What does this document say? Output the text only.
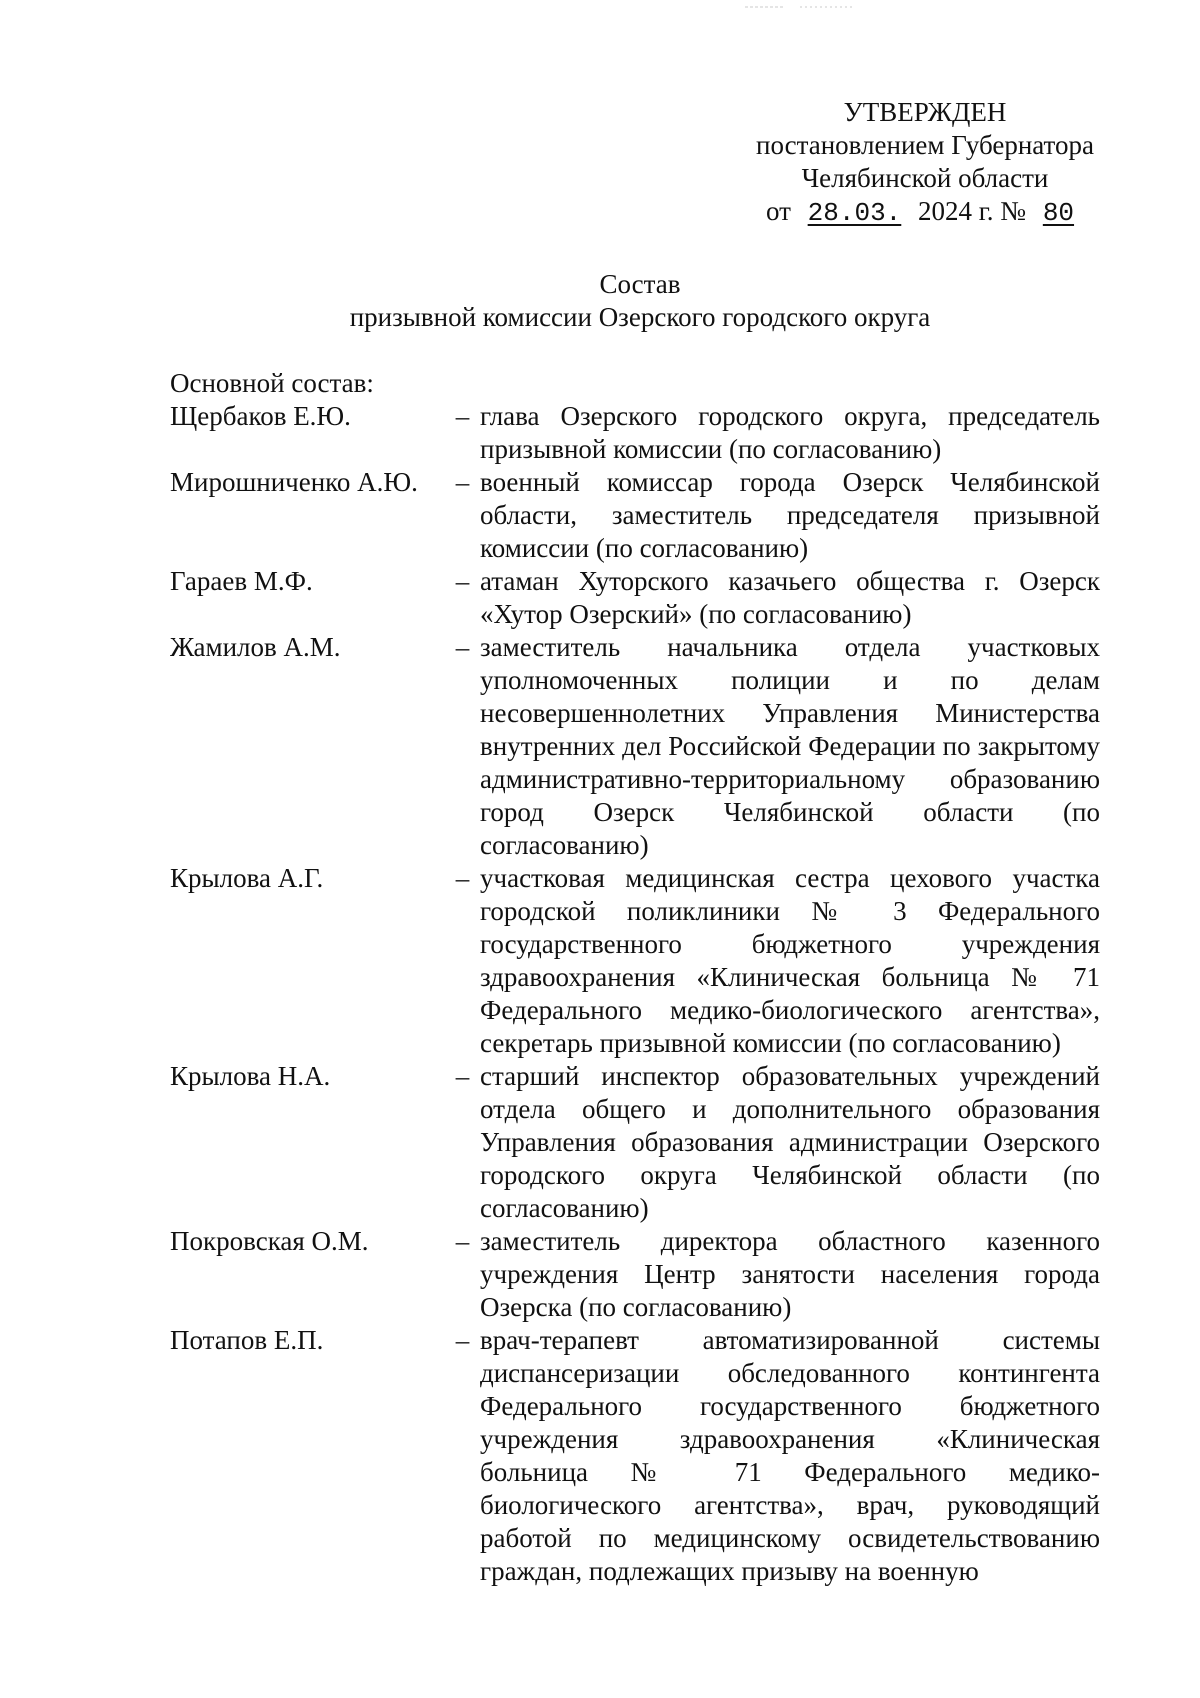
УТВЕРЖДЕН
постановлением Губернатора
Челябинской области
от 28.03. 2024 г. № 80
Состав
призывной комиссии Озерского городского округа
Основной состав:
Щербаков Е.Ю.	– глава Озерского городского округа, председатель призывной комиссии (по согласованию)
Мирошниченко А.Ю.	– военный комиссар города Озерск Челябинской области, заместитель председателя призывной комиссии (по согласованию)
Гараев М.Ф.	– атаман Хуторского казачьего общества г. Озерск «Хутор Озерский» (по согласованию)
Жамилов А.М.	– заместитель начальника отдела участковых уполномоченных полиции и по делам несовершеннолетних Управления Министерства внутренних дел Российской Федерации по закрытому административно-территориальному образованию город Озерск Челябинской области (по согласованию)
Крылова А.Г.	– участковая медицинская сестра цехового участка городской поликлиники № 3 Федерального государственного бюджетного учреждения здравоохранения «Клиническая больница № 71 Федерального медико-биологического агентства», секретарь призывной комиссии (по согласованию)
Крылова Н.А.	– старший инспектор образовательных учреждений отдела общего и дополнительного образования Управления образования администрации Озерского городского округа Челябинской области (по согласованию)
Покровская О.М.	– заместитель директора областного казенного учреждения Центр занятости населения города Озерска (по согласованию)
Потапов Е.П.	– врач-терапевт автоматизированной системы диспансеризации обследованного контингента Федерального государственного бюджетного учреждения здравоохранения «Клиническая больница № 71 Федерального медико-биологического агентства», врач, руководящий работой по медицинскому освидетельствованию граждан, подлежащих призыву на военную
